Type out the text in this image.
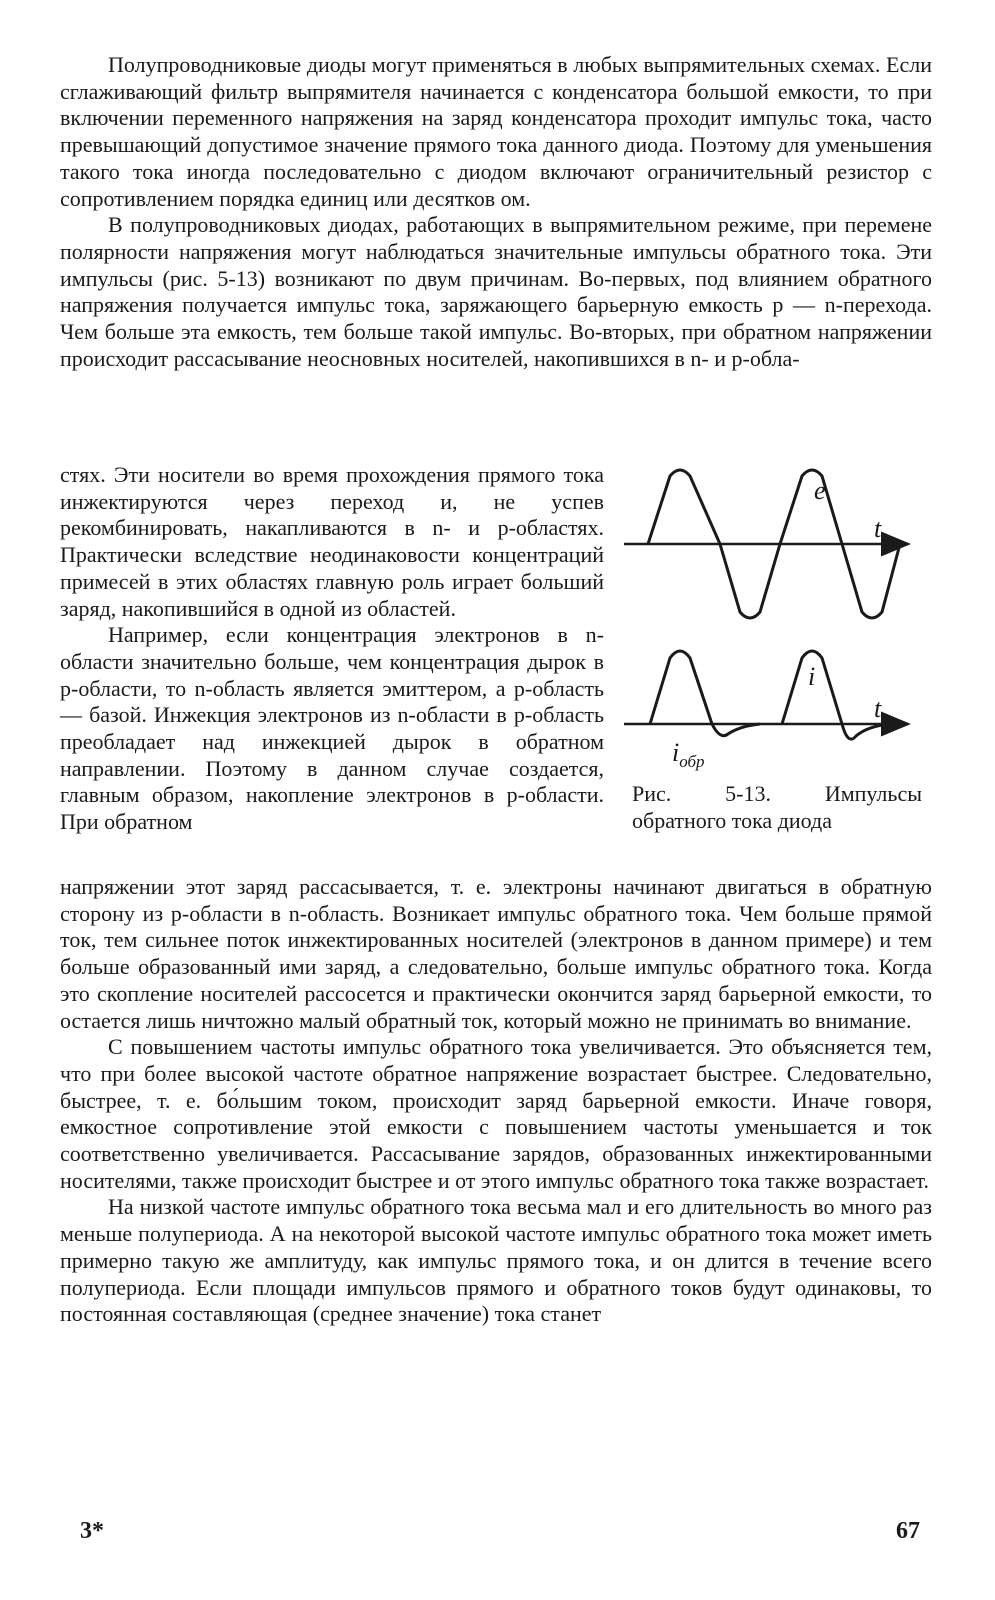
Полупроводниковые диоды могут применяться в любых выпрямительных схемах. Если сглаживающий фильтр выпрямителя начинается с конденсатора большой емкости, то при включении переменного напряжения на заряд конденсатора проходит импульс тока, часто превышающий допустимое значение прямого тока данного диода. Поэтому для уменьшения такого тока иногда последовательно с диодом включают ограничительный резистор с сопротивлением порядка единиц или десятков ом.

В полупроводниковых диодах, работающих в выпрямительном режиме, при перемене полярности напряжения могут наблюдаться значительные импульсы обратного тока. Эти импульсы (рис. 5-13) возникают по двум причинам. Во-первых, под влиянием обратного напряжения получается импульс тока, заряжающего барьерную емкость p — n-перехода. Чем больше эта емкость, тем больше такой импульс. Во-вторых, при обратном напряжении происходит рассасывание неосновных носителей, накопившихся в n- и p-обла-

стях. Эти носители во время прохождения прямого тока инжектируются через переход и, не успев рекомбинировать, накапливаются в n- и p-областях. Практически вследствие неодинаковости концентраций примесей в этих областях главную роль играет больший заряд, накопившийся в одной из областей.

Например, если концентрация электронов в n-области значительно больше, чем концентрация дырок в p-области, то n-область является эмиттером, а p-область — базой. Инжекция электронов из n-области в p-область преобладает над инжекцией дырок в обратном направлении. Поэтому в данном случае создается, главным образом, накопление электронов в p-области. При обратном

e
t
i
t
$i_{обр}$
Рис. 5-13. Импульсы обратного тока диода

напряжении этот заряд рассасывается, т. е. электроны начинают двигаться в обратную сторону из p-области в n-область. Возникает импульс обратного тока. Чем больше прямой ток, тем сильнее поток инжектированных носителей (электронов в данном примере) и тем больше образованный ими заряд, а следовательно, больше импульс обратного тока. Когда это скопление носителей рассосется и практически окончится заряд барьерной емкости, то остается лишь ничтожно малый обратный ток, который можно не принимать во внимание.

С повышением частоты импульс обратного тока увеличивается. Это объясняется тем, что при более высокой частоте обратное напряжение возрастает быстрее. Следовательно, быстрее, т. е. бо́льшим током, происходит заряд барьерной емкости. Иначе говоря, емкостное сопротивление этой емкости с повышением частоты уменьшается и ток соответственно увеличивается. Рассасывание зарядов, образованных инжектированными носителями, также происходит быстрее и от этого импульс обратного тока также возрастает.

На низкой частоте импульс обратного тока весьма мал и его длительность во много раз меньше полупериода. А на некоторой высокой частоте импульс обратного тока может иметь примерно такую же амплитуду, как импульс прямого тока, и он длится в течение всего полупериода. Если площади импульсов прямого и обратного токов будут одинаковы, то постоянная составляющая (среднее значение) тока станет

3*	67
